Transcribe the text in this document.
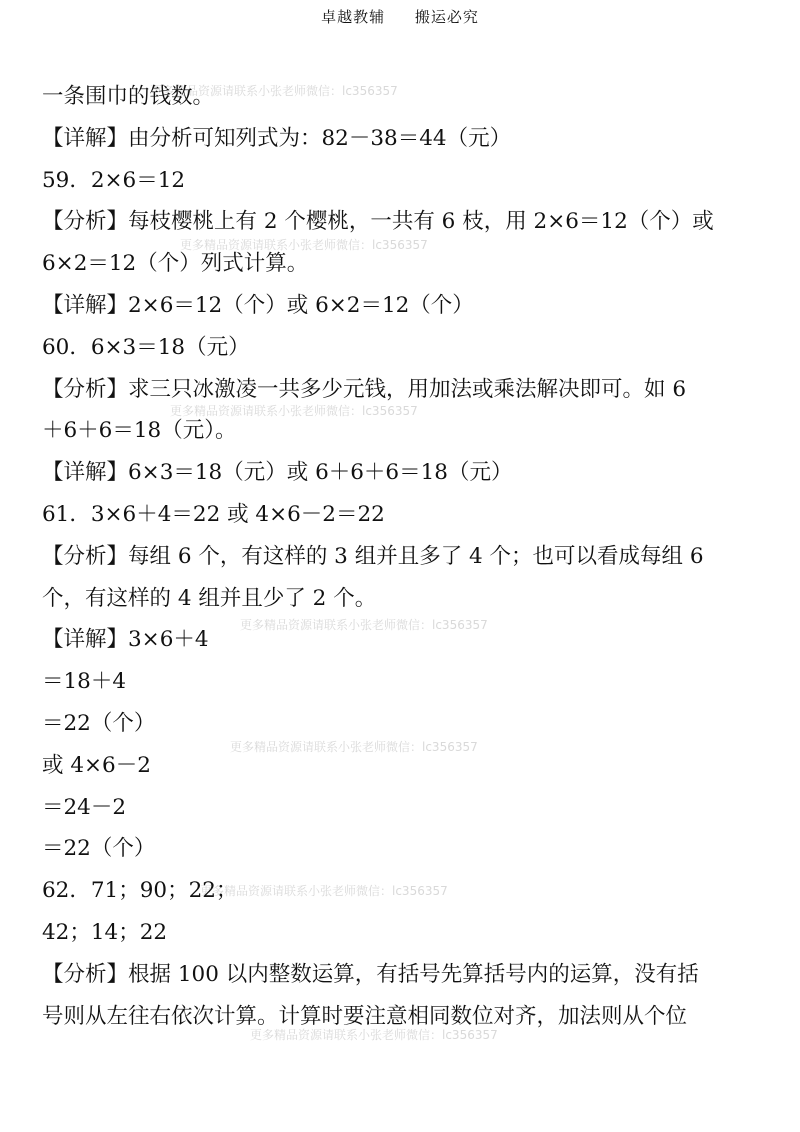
卓越教辅 搬运必究
更多精品资源请联系小张老师微信：lc356357
更多精品资源请联系小张老师微信：lc356357
更多精品资源请联系小张老师微信：lc356357
更多精品资源请联系小张老师微信：lc356357
更多精品资源请联系小张老师微信：lc356357
更多精品资源请联系小张老师微信：lc356357
更多精品资源请联系小张老师微信：lc356357
一条围巾的钱数。
【详解】由分析可知列式为：82－38＝44（元）
59．2×6＝12
【分析】每枝樱桃上有 2 个樱桃，一共有 6 枝，用 2×6＝12（个）或
6×2＝12（个）列式计算。
【详解】2×6＝12（个）或 6×2＝12（个）
60．6×3＝18（元）
【分析】求三只冰激凌一共多少元钱，用加法或乘法解决即可。如 6
＋6＋6＝18（元）。
【详解】6×3＝18（元）或 6＋6＋6＝18（元）
61．3×6＋4＝22 或 4×6－2＝22
【分析】每组 6 个，有这样的 3 组并且多了 4 个；也可以看成每组 6
个，有这样的 4 组并且少了 2 个。
【详解】3×6＋4
＝18＋4
＝22（个）
或 4×6－2
＝24－2
＝22（个）
62．71；90；22；
42；14；22
【分析】根据 100 以内整数运算，有括号先算括号内的运算，没有括
号则从左往右依次计算。计算时要注意相同数位对齐，加法则从个位
